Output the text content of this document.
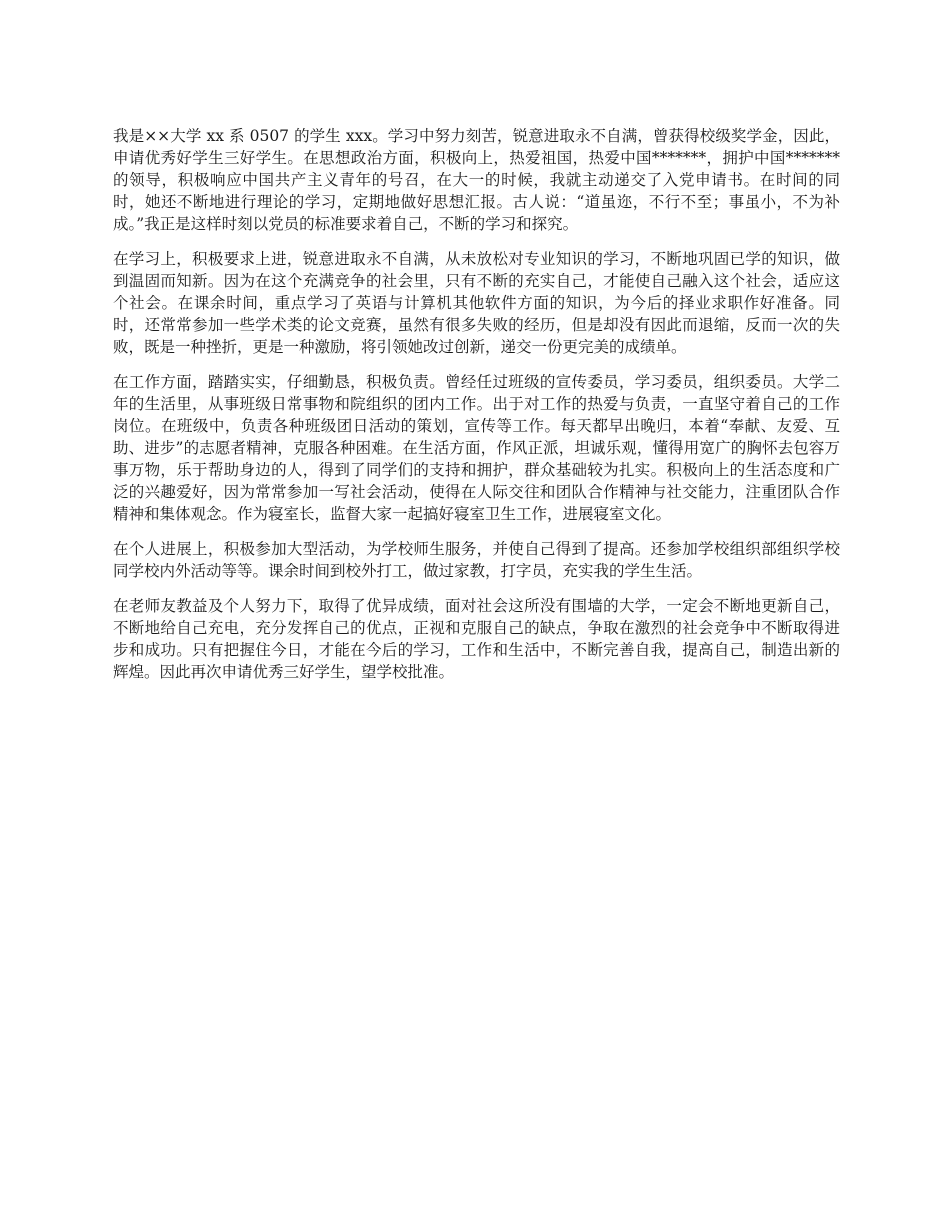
我是××大学 xx 系 0507 的学生 xxx。学习中努力刻苦，锐意进取永不自满，曾获得校级奖学金，因此，申请优秀好学生三好学生。在思想政治方面，积极向上，热爱祖国，热爱中国*******，拥护中国*******的领导，积极响应中国共产主义青年的号召，在大一的时候，我就主动递交了入党申请书。在时间的同时，她还不断地进行理论的学习，定期地做好思想汇报。古人说：“道虽迩，不行不至；事虽小，不为补成。”我正是这样时刻以党员的标准要求着自己，不断的学习和探究。

在学习上，积极要求上进，锐意进取永不自满，从未放松对专业知识的学习，不断地巩固已学的知识，做到温固而知新。因为在这个充满竞争的社会里，只有不断的充实自己，才能使自己融入这个社会，适应这个社会。在课余时间，重点学习了英语与计算机其他软件方面的知识，为今后的择业求职作好准备。同时，还常常参加一些学术类的论文竞赛，虽然有很多失败的经历，但是却没有因此而退缩，反而一次的失败，既是一种挫折，更是一种激励，将引领她改过创新，递交一份更完美的成绩单。

在工作方面，踏踏实实，仔细勤恳，积极负责。曾经任过班级的宣传委员，学习委员，组织委员。大学二年的生活里，从事班级日常事物和院组织的团内工作。出于对工作的热爱与负责，一直坚守着自己的工作岗位。在班级中，负责各种班级团日活动的策划，宣传等工作。每天都早出晚归，本着“奉献、友爱、互助、进步”的志愿者精神，克服各种困难。在生活方面，作风正派，坦诚乐观，懂得用宽广的胸怀去包容万事万物，乐于帮助身边的人，得到了同学们的支持和拥护，群众基础较为扎实。积极向上的生活态度和广泛的兴趣爱好，因为常常参加一写社会活动，使得在人际交往和团队合作精神与社交能力，注重团队合作精神和集体观念。作为寝室长，监督大家一起搞好寝室卫生工作，进展寝室文化。

在个人进展上，积极参加大型活动，为学校师生服务，并使自己得到了提高。还参加学校组织部组织学校同学校内外活动等等。课余时间到校外打工，做过家教，打字员，充实我的学生生活。

在老师友教益及个人努力下，取得了优异成绩，面对社会这所没有围墙的大学，一定会不断地更新自己，不断地给自己充电，充分发挥自己的优点，正视和克服自己的缺点，争取在激烈的社会竞争中不断取得进步和成功。只有把握住今日，才能在今后的学习，工作和生活中，不断完善自我，提高自己，制造出新的辉煌。因此再次申请优秀三好学生，望学校批准。
